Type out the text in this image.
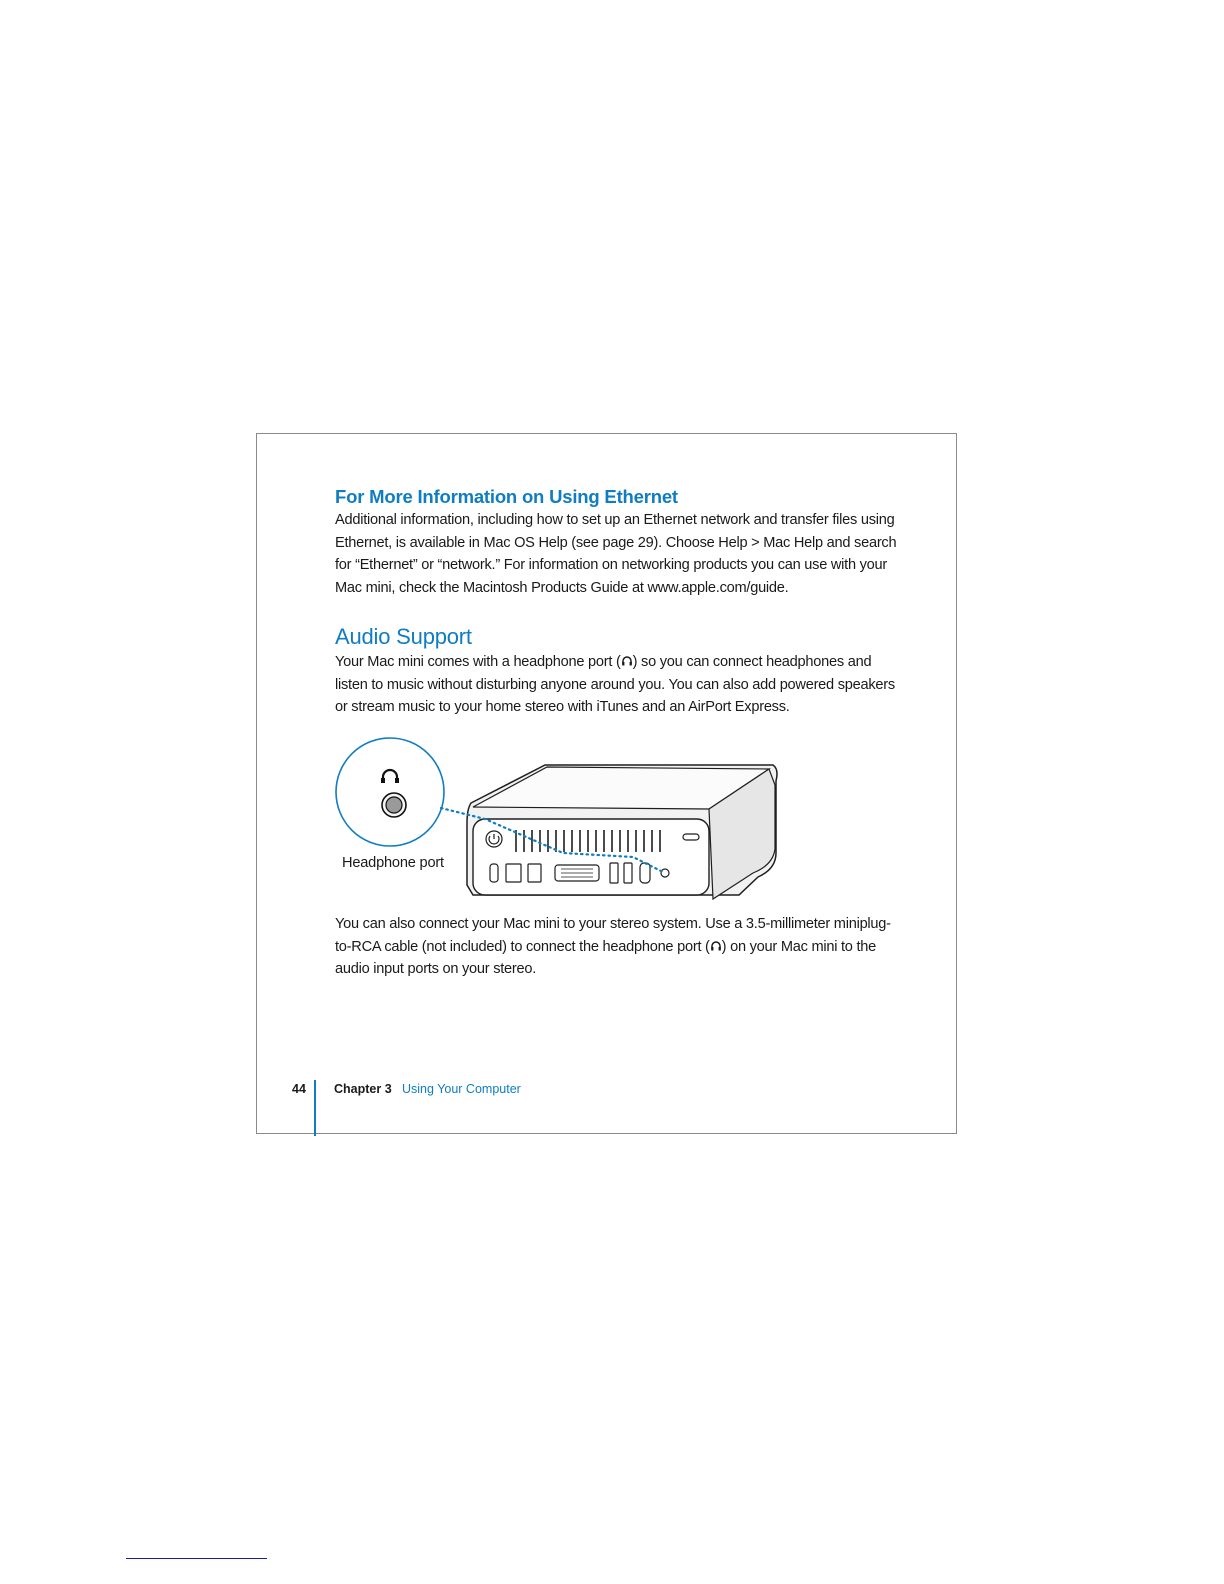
For More Information on Using Ethernet

Additional information, including how to set up an Ethernet network and transfer files using Ethernet, is available in Mac OS Help (see page 29). Choose Help > Mac Help and search for “Ethernet” or “network.” For information on networking products you can use with your Mac mini, check the Macintosh Products Guide at www.apple.com/guide.

Audio Support

Your Mac mini comes with a headphone port ( ) so you can connect headphones and listen to music without disturbing anyone around you. You can also add powered speakers or stream music to your home stereo with iTunes and an AirPort Express.

Headphone port

You can also connect your Mac mini to your stereo system. Use a 3.5-millimeter miniplug-to-RCA cable (not included) to connect the headphone port ( ) on your Mac mini to the audio input ports on your stereo.

44 Chapter 3 Using Your Computer
